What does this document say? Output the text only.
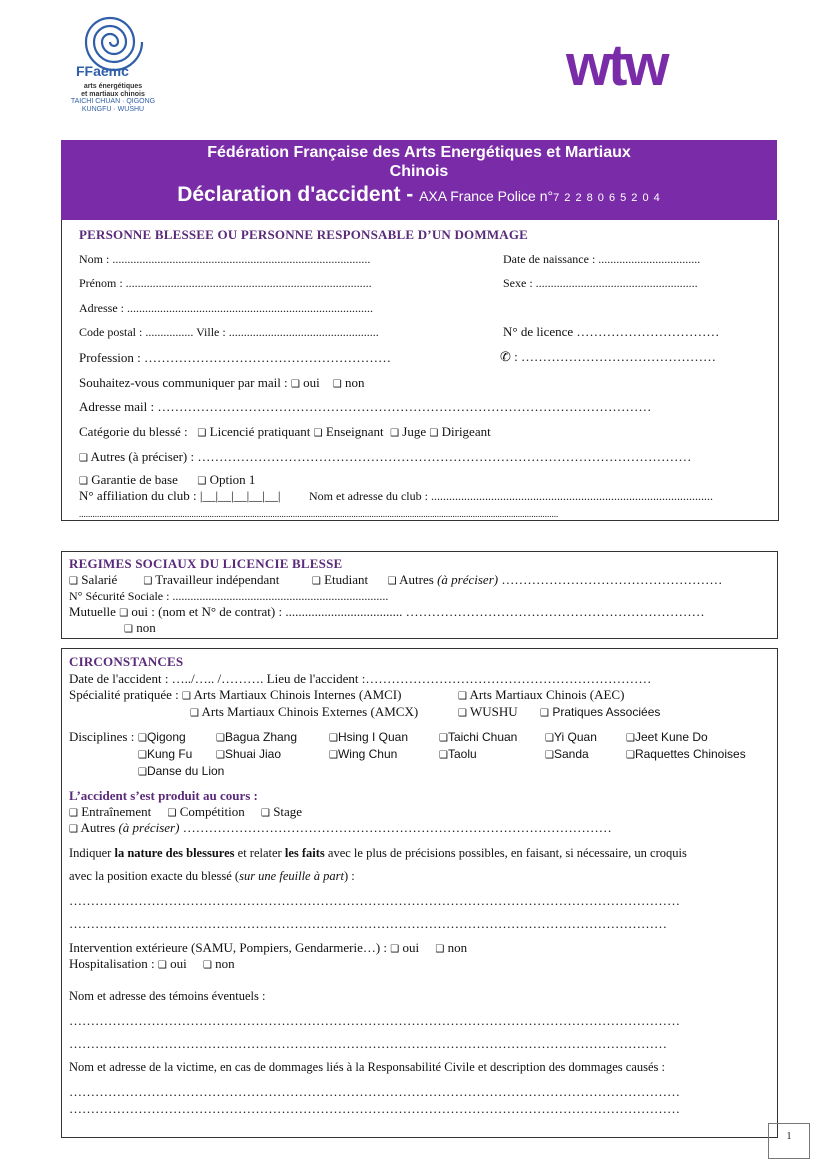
FFaemc
arts énergétiques
et martiaux chinois
TAICHI CHUAN · QIGONG
KUNGFU · WUSHU
wtw
Fédération Française des Arts Energétiques et Martiaux
Chinois
Déclaration d'accident - AXA France Police n°7 2 2 8 0 6 5 2 0 4
PERSONNE BLESSEE OU PERSONNE RESPONSABLE D’UN DOMMAGE
Nom : ......................................................................................	Date de naissance : ..................................
Prénom : ..................................................................................	Sexe : ......................................................
Adresse : ..................................................................................
Code postal : ................ Ville : ..................................................	N° de licence ……………………………
Profession : …………………………………………………	✆ : ………………………………………
Souhaitez-vous communiquer par mail : ❑ oui ❑ non
Adresse mail : ……………………………………………………………………………………………………
Catégorie du blessé : ❑ Licencié pratiquant ❑ Enseignant ❑ Juge ❑ Dirigeant
❑ Autres (à préciser) : ……………………………………………………………………………………………………
❑ Garantie de base ❑ Option 1
N° affiliation du club : |__|__|__|__|__| Nom et adresse du club : ..............................................................................................
.....................................................................................................................................................................................................................
REGIMES SOCIAUX DU LICENCIE BLESSE
❑ Salarié	❑ Travailleur indépendant	❑ Etudiant ❑ Autres (à préciser) ……………………………………………
N° Sécurité Sociale : ........................................................................
Mutuelle ❑ oui : (nom et N° de contrat) : .................................... ……………………………………………………………
❑ non
CIRCONSTANCES
Date de l'accident : …../….. /………. Lieu de l'accident :…………………………………………………………
Spécialité pratiquée : ❑ Arts Martiaux Chinois Internes (AMCI)	❑ Arts Martiaux Chinois (AEC)
❑ Arts Martiaux Chinois Externes (AMCX)	❑ WUSHU ❑ Pratiques Associées
Disciplines : ❑Qigong	❑Bagua Zhang	❑Hsing I Quan	❑Taichi Chuan	❑Yi Quan	❑Jeet Kune Do
❑Kung Fu ❑Shuai Jiao	❑Wing Chun	❑Taolu	❑Sanda	❑Raquettes Chinoises
❑Danse du Lion
L’accident s’est produit au cours :
❑ Entraînement ❑ Compétition ❑ Stage
❑ Autres (à préciser) ………………………………………………………………………………………
Indiquer la nature des blessures et relater les faits avec le plus de précisions possibles, en faisant, si nécessaire, un croquis
avec la position exacte du blessé (sur une feuille à part) :
……………………………………………………………………………………………………………………………
…………………………………………………………………………………………………………………………
Intervention extérieure (SAMU, Pompiers, Gendarmerie…) : ❑ oui ❑ non
Hospitalisation : ❑ oui ❑ non
Nom et adresse des témoins éventuels :
……………………………………………………………………………………………………………………………
…………………………………………………………………………………………………………………………
Nom et adresse de la victime, en cas de dommages liés à la Responsabilité Civile et description des dommages causés :
……………………………………………………………………………………………………………………………
……………………………………………………………………………………………………………………………
1
